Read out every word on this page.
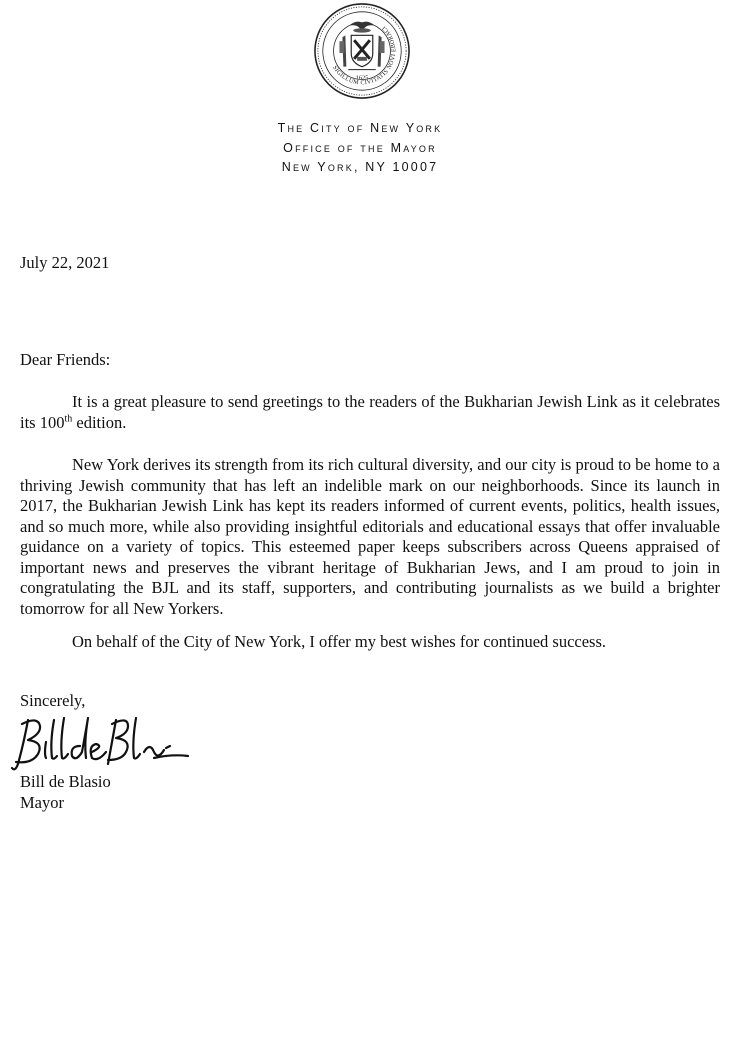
SIGILLUM CIVITATIS NOVI EBORACI
1625
The City of New York
Office of the Mayor
New York, NY 10007

July 22, 2021

Dear Friends:

It is a great pleasure to send greetings to the readers of the Bukharian Jewish Link as it celebrates its 100th edition.

New York derives its strength from its rich cultural diversity, and our city is proud to be home to a thriving Jewish community that has left an indelible mark on our neighborhoods. Since its launch in 2017, the Bukharian Jewish Link has kept its readers informed of current events, politics, health issues, and so much more, while also providing insightful editorials and educational essays that offer invaluable guidance on a variety of topics. This esteemed paper keeps subscribers across Queens appraised of important news and preserves the vibrant heritage of Bukharian Jews, and I am proud to join in congratulating the BJL and its staff, supporters, and contributing journalists as we build a brighter tomorrow for all New Yorkers.

On behalf of the City of New York, I offer my best wishes for continued success.

Sincerely,

Bill de Blasio
Mayor
